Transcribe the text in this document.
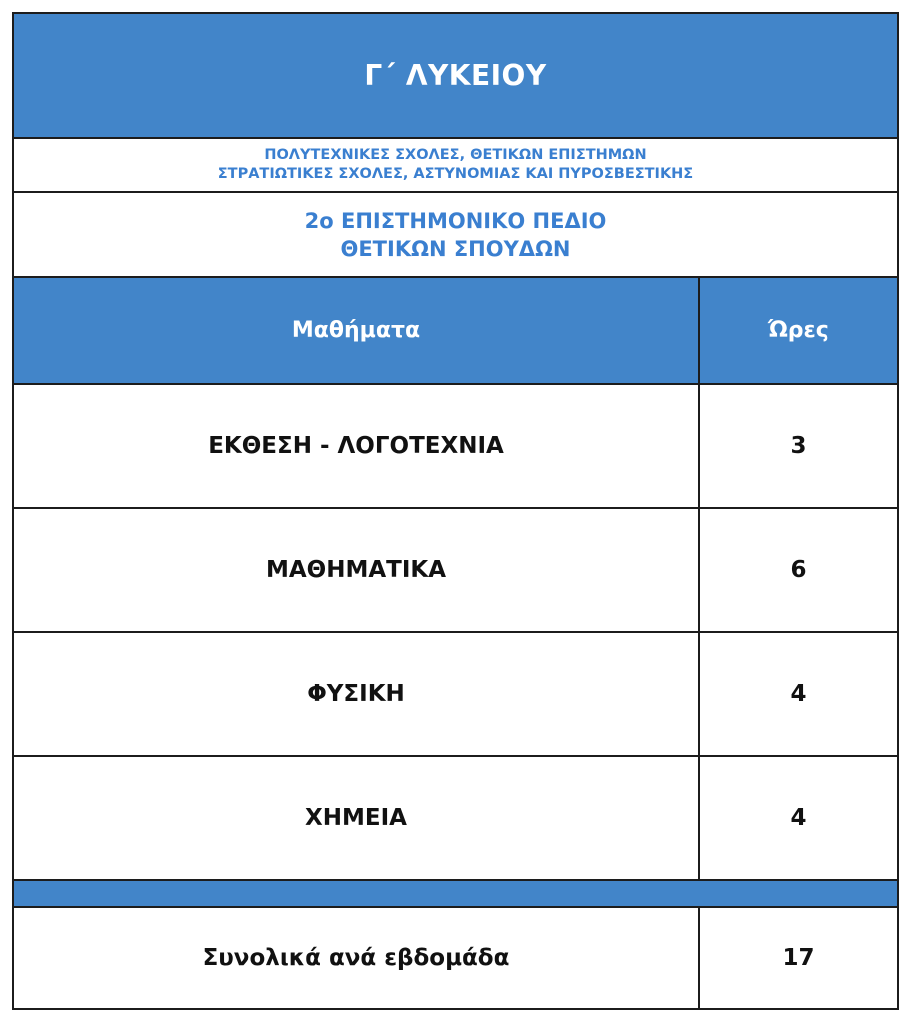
Γ΄ ΛΥΚΕΙΟΥ
ΠΟΛΥΤΕΧΝΙΚΕΣ ΣΧΟΛΕΣ, ΘΕΤΙΚΩΝ ΕΠΙΣΤΗΜΩΝ
ΣΤΡΑΤΙΩΤΙΚΕΣ ΣΧΟΛΕΣ, ΑΣΤΥΝΟΜΙΑΣ ΚΑΙ ΠΥΡΟΣΒΕΣΤΙΚΗΣ
2ο ΕΠΙΣΤΗΜΟΝΙΚΟ ΠΕΔΙΟ
ΘΕΤΙΚΩΝ ΣΠΟΥΔΩΝ
Μαθήματα	Ώρες
ΕΚΘΕΣΗ - ΛΟΓΟΤΕΧΝΙΑ	3
ΜΑΘΗΜΑΤΙΚΑ	6
ΦΥΣΙΚΗ	4
ΧΗΜΕΙΑ	4
Συνολικά ανά εβδομάδα	17
